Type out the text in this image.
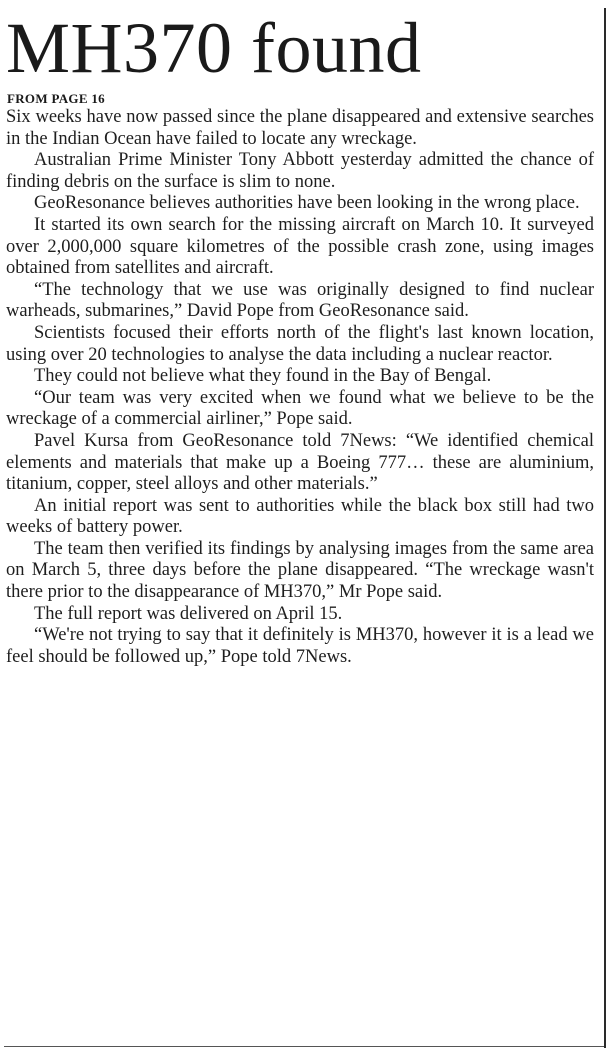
MH370 found
FROM PAGE 16

Six weeks have now passed since the plane disappeared and extensive searches in the Indian Ocean have failed to locate any wreckage.

Australian Prime Minister Tony Abbott yesterday admitted the chance of finding debris on the surface is slim to none.

GeoResonance believes authorities have been looking in the wrong place.

It started its own search for the missing aircraft on March 10. It surveyed over 2,000,000 square kilometres of the possible crash zone, using images obtained from satellites and aircraft.

“The technology that we use was originally designed to find nuclear warheads, submarines,” David Pope from GeoResonance said.

Scientists focused their efforts north of the flight's last known location, using over 20 technologies to analyse the data including a nuclear reactor.

They could not believe what they found in the Bay of Bengal.

“Our team was very excited when we found what we believe to be the wreckage of a commercial airliner,” Pope said.

Pavel Kursa from GeoResonance told 7News: “We identified chemical elements and materials that make up a Boeing 777… these are aluminium, titanium, copper, steel alloys and other materials.”

An initial report was sent to authorities while the black box still had two weeks of battery power.

The team then verified its findings by analysing images from the same area on March 5, three days before the plane disappeared. “The wreckage wasn't there prior to the disappearance of MH370,” Mr Pope said.

The full report was delivered on April 15.

“We're not trying to say that it definitely is MH370, however it is a lead we feel should be followed up,” Pope told 7News.
